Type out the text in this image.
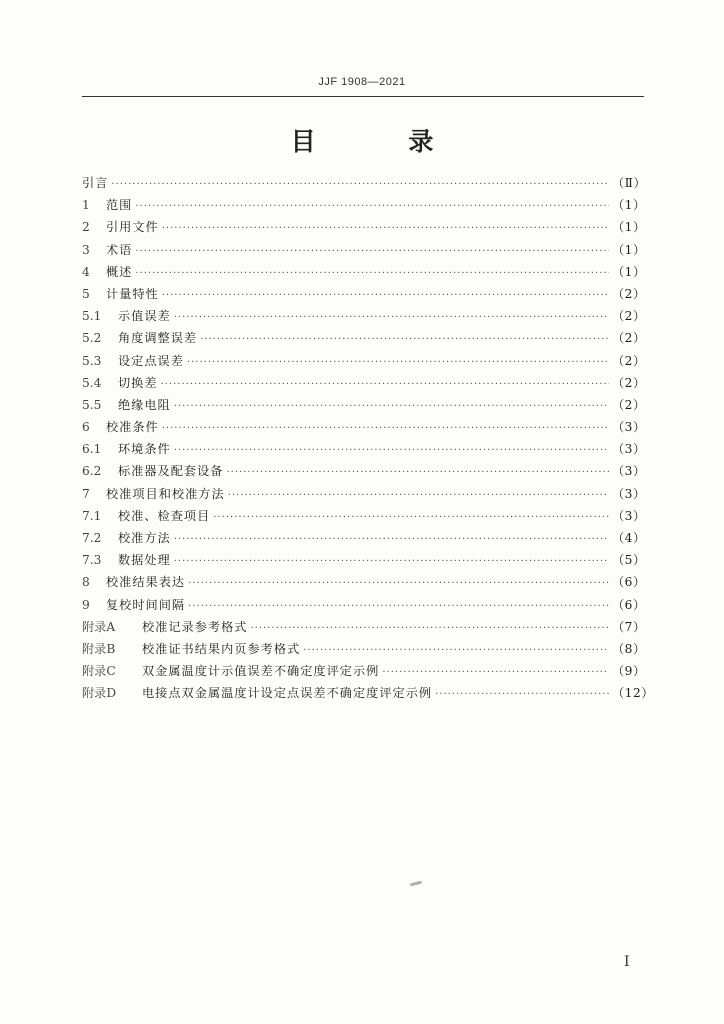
JJF 1908—2021
目 录
引言 ·····	（Ⅱ）
1	范围 ·····	（1）
2	引用文件 ·····	（1）
3	术语 ·····	（1）
4	概述 ·····	（1）
5	计量特性 ·····	（2）
5.1	示值误差 ·····	（2）
5.2	角度调整误差 ·····	（2）
5.3	设定点误差 ·····	（2）
5.4	切换差 ·····	（2）
5.5	绝缘电阻 ·····	（2）
6	校准条件 ·····	（3）
6.1	环境条件 ·····	（3）
6.2	标准器及配套设备 ·····	（3）
7	校准项目和校准方法 ·····	（3）
7.1	校准、检查项目 ·····	（3）
7.2	校准方法 ·····	（4）
7.3	数据处理 ·····	（5）
8	校准结果表达 ·····	（6）
9	复校时间间隔 ·····	（6）
附录A	校准记录参考格式 ·····	（7）
附录B	校准证书结果内页参考格式 ·····	（8）
附录C	双金属温度计示值误差不确定度评定示例 ·····	（9）
附录D	电接点双金属温度计设定点误差不确定度评定示例 ·····	（12）
I
